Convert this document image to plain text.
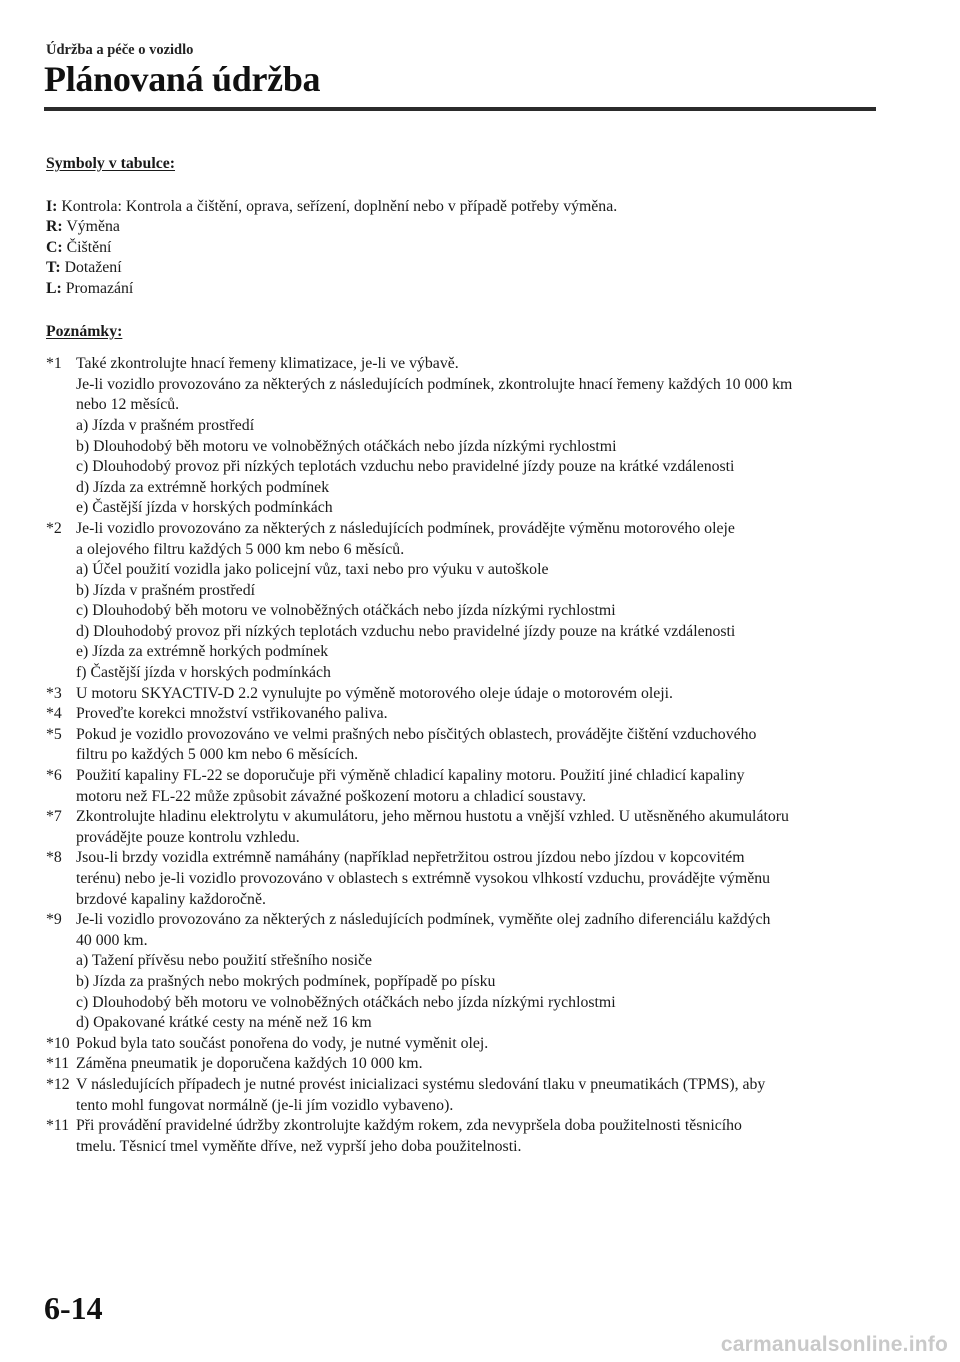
Údržba a péče o vozidlo
Plánovaná údržba

Symboly v tabulce:

I: Kontrola: Kontrola a čištění, oprava, seřízení, doplnění nebo v případě potřeby výměna.
R: Výměna
C: Čištění
T: Dotažení
L: Promazání

Poznámky:

*1 Také zkontrolujte hnací řemeny klimatizace, je-li ve výbavě.
Je-li vozidlo provozováno za některých z následujících podmínek, zkontrolujte hnací řemeny každých 10 000 km
nebo 12 měsíců.
a) Jízda v prašném prostředí
b) Dlouhodobý běh motoru ve volnoběžných otáčkách nebo jízda nízkými rychlostmi
c) Dlouhodobý provoz při nízkých teplotách vzduchu nebo pravidelné jízdy pouze na krátké vzdálenosti
d) Jízda za extrémně horkých podmínek
e) Častější jízda v horských podmínkách
*2 Je-li vozidlo provozováno za některých z následujících podmínek, provádějte výměnu motorového oleje
a olejového filtru každých 5 000 km nebo 6 měsíců.
a) Účel použití vozidla jako policejní vůz, taxi nebo pro výuku v autoškole
b) Jízda v prašném prostředí
c) Dlouhodobý běh motoru ve volnoběžných otáčkách nebo jízda nízkými rychlostmi
d) Dlouhodobý provoz při nízkých teplotách vzduchu nebo pravidelné jízdy pouze na krátké vzdálenosti
e) Jízda za extrémně horkých podmínek
f) Častější jízda v horských podmínkách
*3 U motoru SKYACTIV-D 2.2 vynulujte po výměně motorového oleje údaje o motorovém oleji.
*4 Proveďte korekci množství vstřikovaného paliva.
*5 Pokud je vozidlo provozováno ve velmi prašných nebo písčitých oblastech, provádějte čištění vzduchového
filtru po každých 5 000 km nebo 6 měsících.
*6 Použití kapaliny FL-22 se doporučuje při výměně chladicí kapaliny motoru. Použití jiné chladicí kapaliny
motoru než FL-22 může způsobit závažné poškození motoru a chladicí soustavy.
*7 Zkontrolujte hladinu elektrolytu v akumulátoru, jeho měrnou hustotu a vnější vzhled. U utěsněného akumulátoru
provádějte pouze kontrolu vzhledu.
*8 Jsou-li brzdy vozidla extrémně namáhány (například nepřetržitou ostrou jízdou nebo jízdou v kopcovitém
terénu) nebo je-li vozidlo provozováno v oblastech s extrémně vysokou vlhkostí vzduchu, provádějte výměnu
brzdové kapaliny každoročně.
*9 Je-li vozidlo provozováno za některých z následujících podmínek, vyměňte olej zadního diferenciálu každých
40 000 km.
a) Tažení přívěsu nebo použití střešního nosiče
b) Jízda za prašných nebo mokrých podmínek, popřípadě po písku
c) Dlouhodobý běh motoru ve volnoběžných otáčkách nebo jízda nízkými rychlostmi
d) Opakované krátké cesty na méně než 16 km
*10 Pokud byla tato součást ponořena do vody, je nutné vyměnit olej.
*11 Záměna pneumatik je doporučena každých 10 000 km.
*12 V následujících případech je nutné provést inicializaci systému sledování tlaku v pneumatikách (TPMS), aby
tento mohl fungovat normálně (je-li jím vozidlo vybaveno).
*11 Při provádění pravidelné údržby zkontrolujte každým rokem, zda nevypršela doba použitelnosti těsnicího
tmelu. Těsnicí tmel vyměňte dříve, než vyprší jeho doba použitelnosti.
6-14
carmanualsonline.info
